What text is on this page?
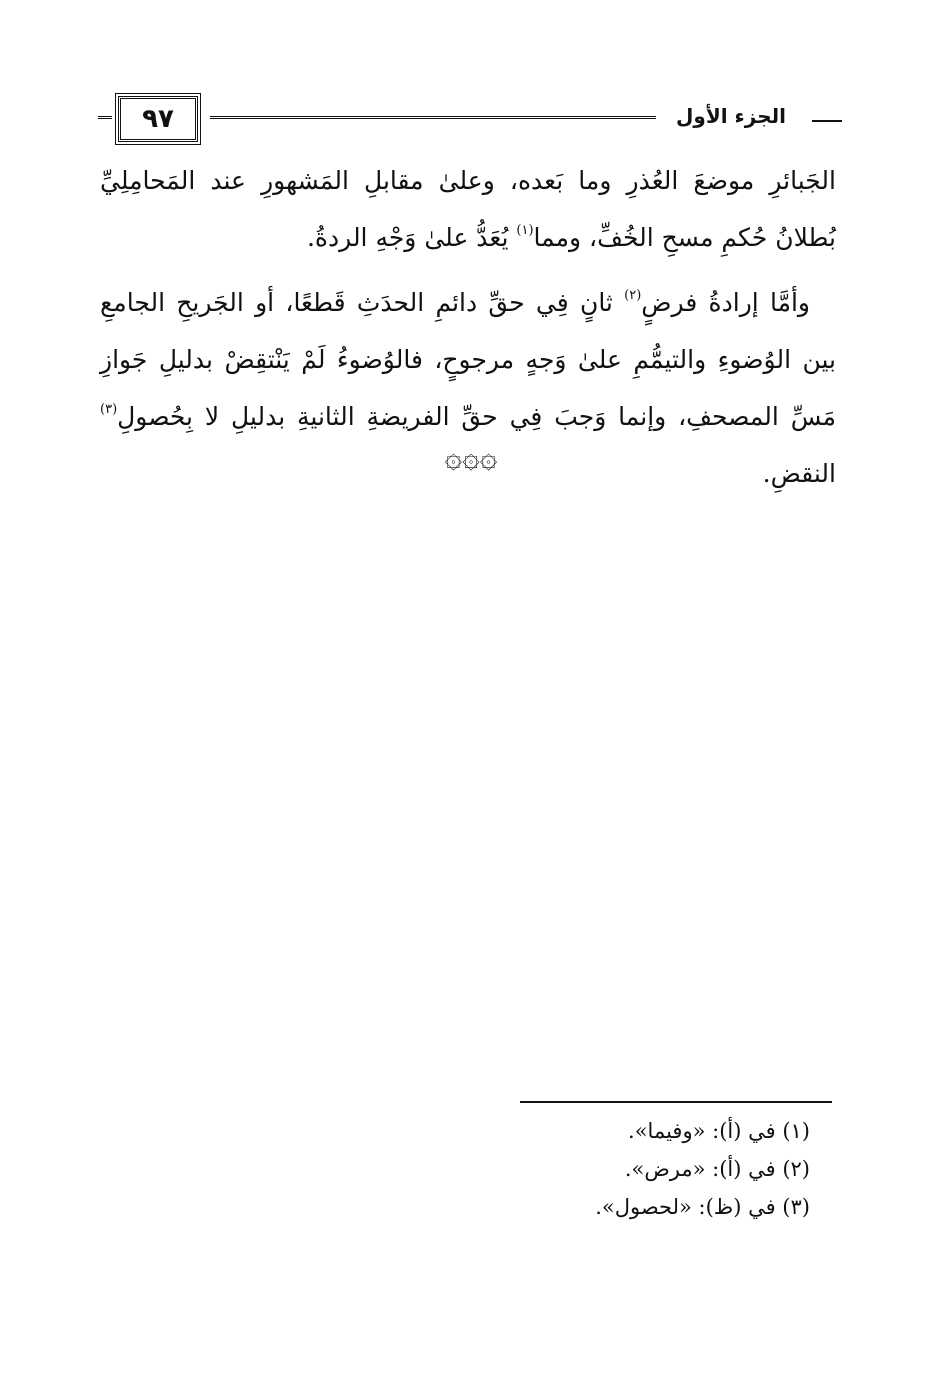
٩٧	الجزء الأول

الجَبائرِ موضعَ العُذرِ وما بَعده، وعلىٰ مقابلِ المَشهورِ عند المَحامِلِيِّ بُطلانُ حُكمِ مسحِ الخُفِّ، ومما$^{(١)}$ يُعَدُّ علىٰ وَجْهِ الردةُ.

وأمَّا إرادةُ فرضٍ$^{(٢)}$ ثانٍ فِي حقِّ دائمِ الحدَثِ قَطعًا، أو الجَريحِ الجامعِ بين الوُضوءِ والتيمُّمِ علىٰ وَجهٍ مرجوحٍ، فالوُضوءُ لَمْ يَنْتقِضْ بدليلِ جَوازِ مَسِّ المصحفِ، وإنما وَجبَ فِي حقِّ الفريضةِ الثانيةِ بدليلِ لا بِحُصولِ$^{(٣)}$ النقضِ.

۞۞۞
(١) في (أ): «وفيما».
(٢) في (أ): «مرض».
(٣) في (ظ): «لحصول».
